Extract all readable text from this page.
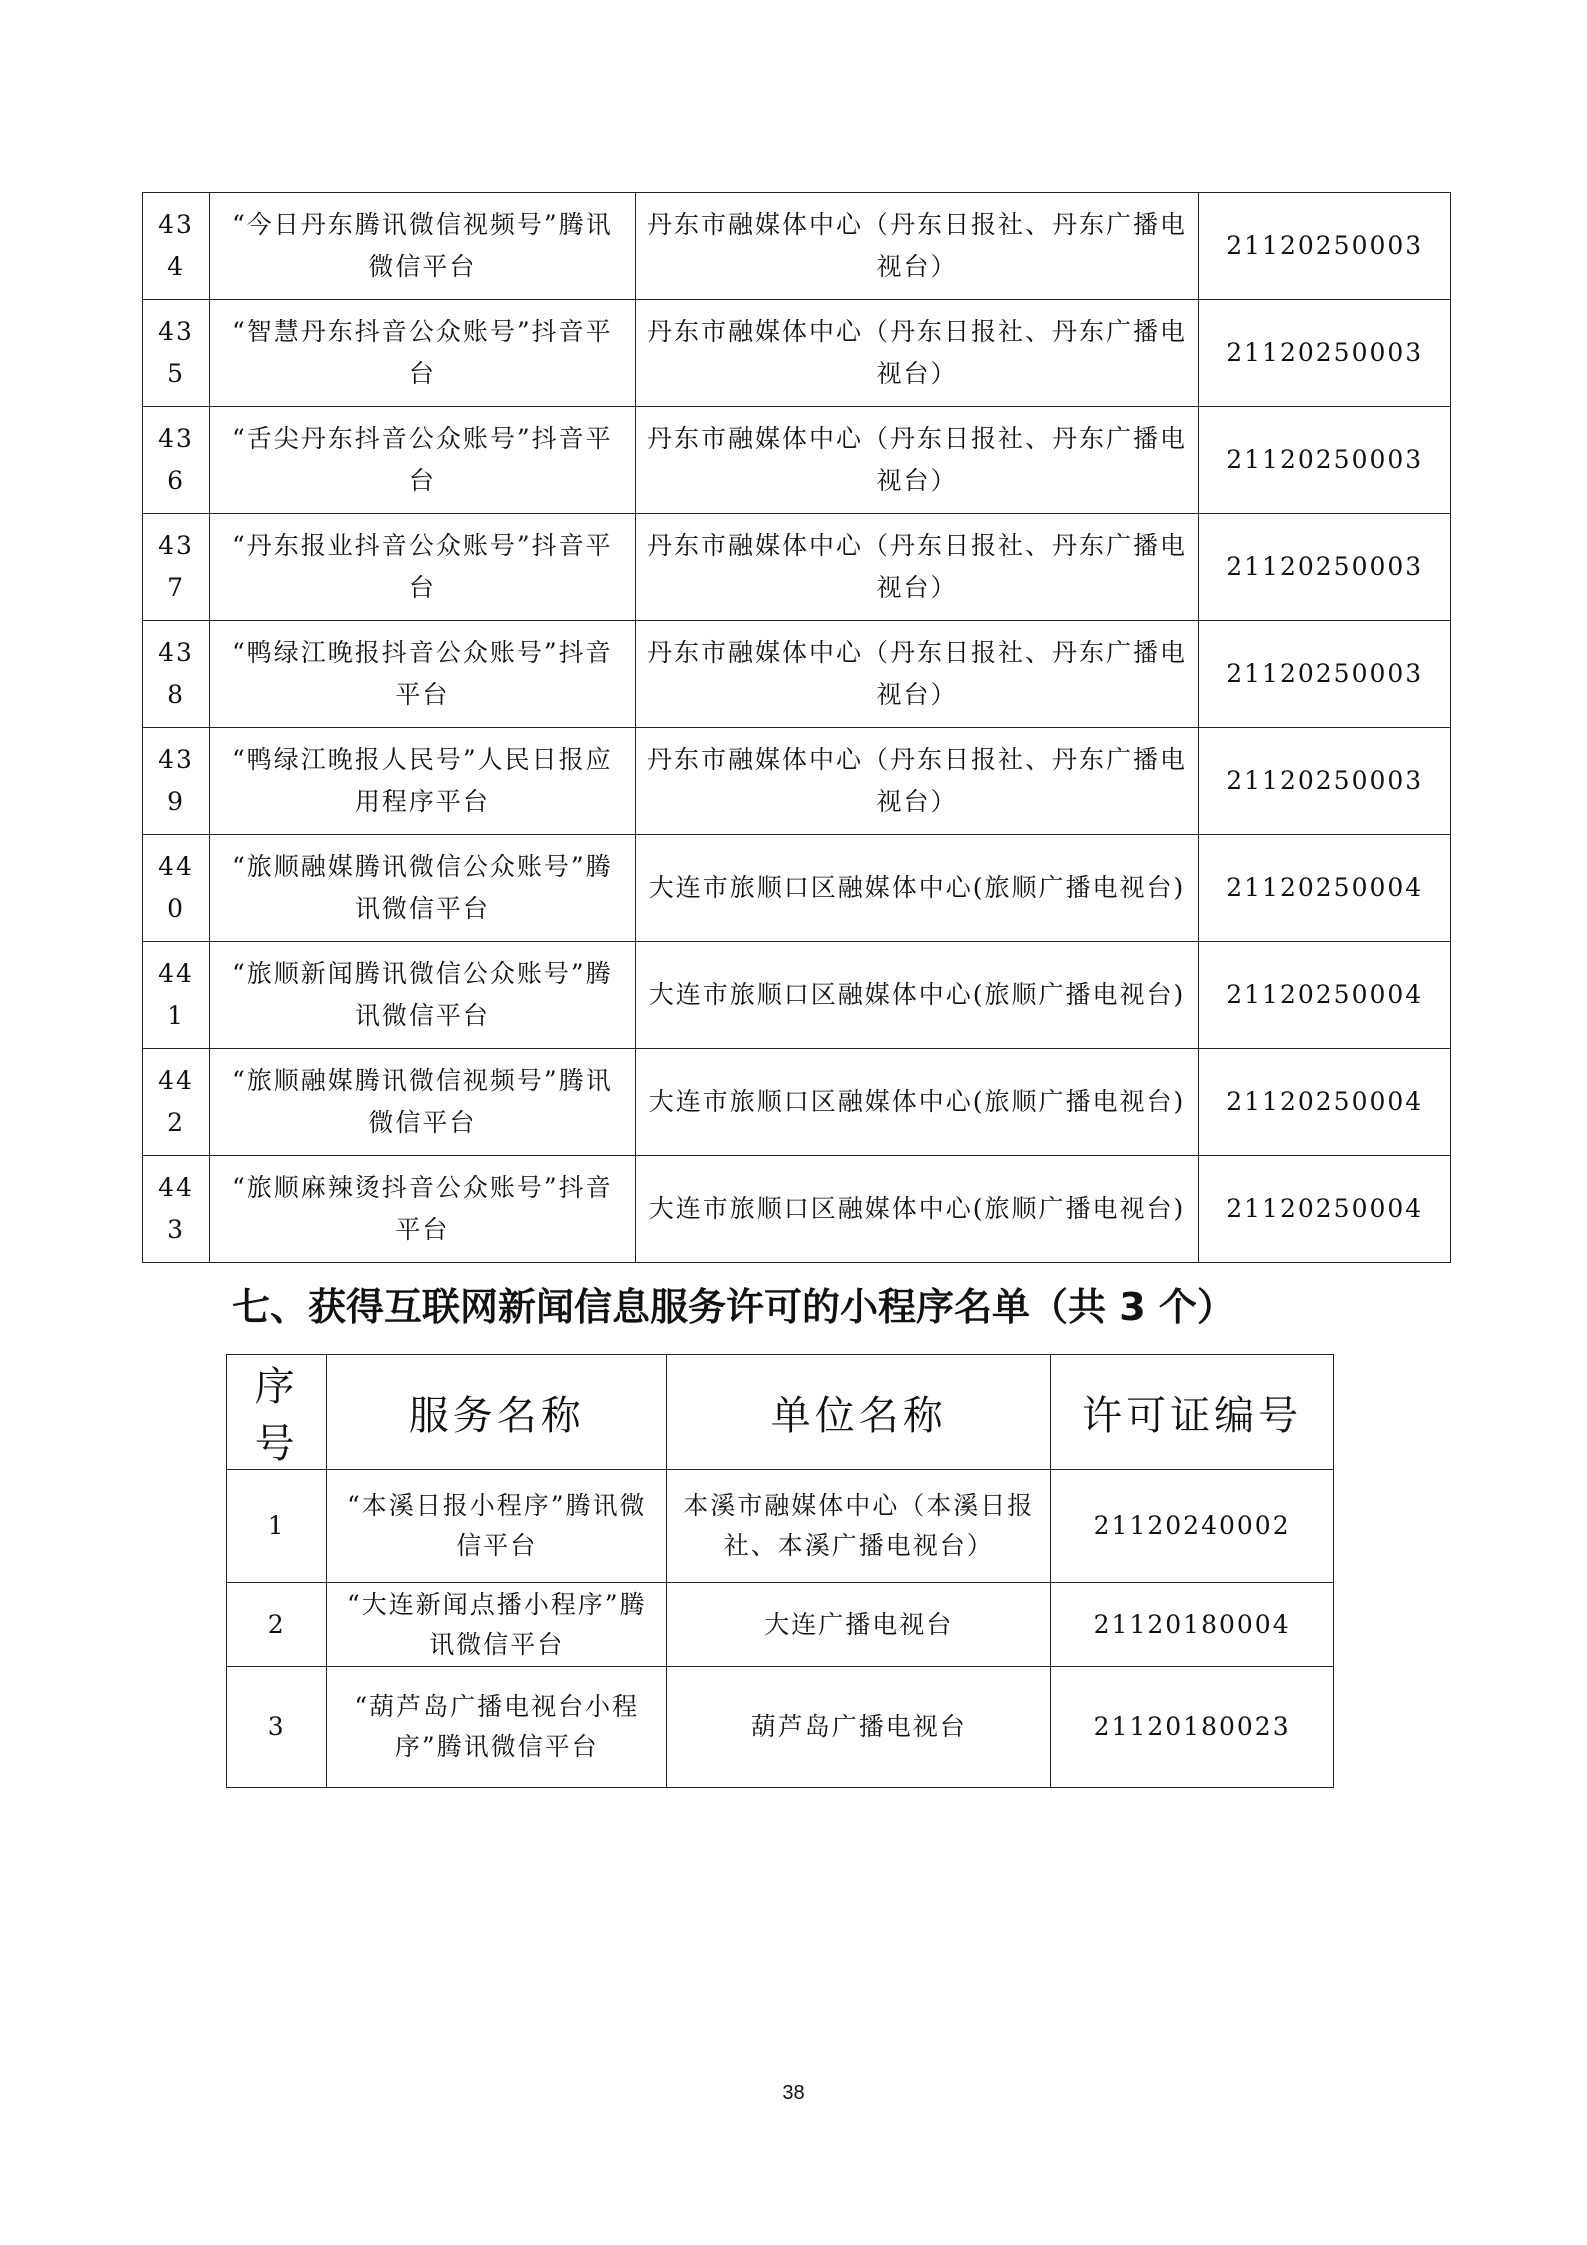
434	“今日丹东腾讯微信视频号”腾讯微信平台	丹东市融媒体中心（丹东日报社、丹东广播电视台）	21120250003
435	“智慧丹东抖音公众账号”抖音平台	丹东市融媒体中心（丹东日报社、丹东广播电视台）	21120250003
436	“舌尖丹东抖音公众账号”抖音平台	丹东市融媒体中心（丹东日报社、丹东广播电视台）	21120250003
437	“丹东报业抖音公众账号”抖音平台	丹东市融媒体中心（丹东日报社、丹东广播电视台）	21120250003
438	“鸭绿江晚报抖音公众账号”抖音平台	丹东市融媒体中心（丹东日报社、丹东广播电视台）	21120250003
439	“鸭绿江晚报人民号”人民日报应用程序平台	丹东市融媒体中心（丹东日报社、丹东广播电视台）	21120250003
440	“旅顺融媒腾讯微信公众账号”腾讯微信平台	大连市旅顺口区融媒体中心(旅顺广播电视台)	21120250004
441	“旅顺新闻腾讯微信公众账号”腾讯微信平台	大连市旅顺口区融媒体中心(旅顺广播电视台)	21120250004
442	“旅顺融媒腾讯微信视频号”腾讯微信平台	大连市旅顺口区融媒体中心(旅顺广播电视台)	21120250004
443	“旅顺麻辣烫抖音公众账号”抖音平台	大连市旅顺口区融媒体中心(旅顺广播电视台)	21120250004
七、获得互联网新闻信息服务许可的小程序名单（共 3 个）
序号	服务名称	单位名称	许可证编号
1	“本溪日报小程序”腾讯微信平台	本溪市融媒体中心（本溪日报社、本溪广播电视台）	21120240002
2	“大连新闻点播小程序”腾讯微信平台	大连广播电视台	21120180004
3	“葫芦岛广播电视台小程序”腾讯微信平台	葫芦岛广播电视台	21120180023
38
